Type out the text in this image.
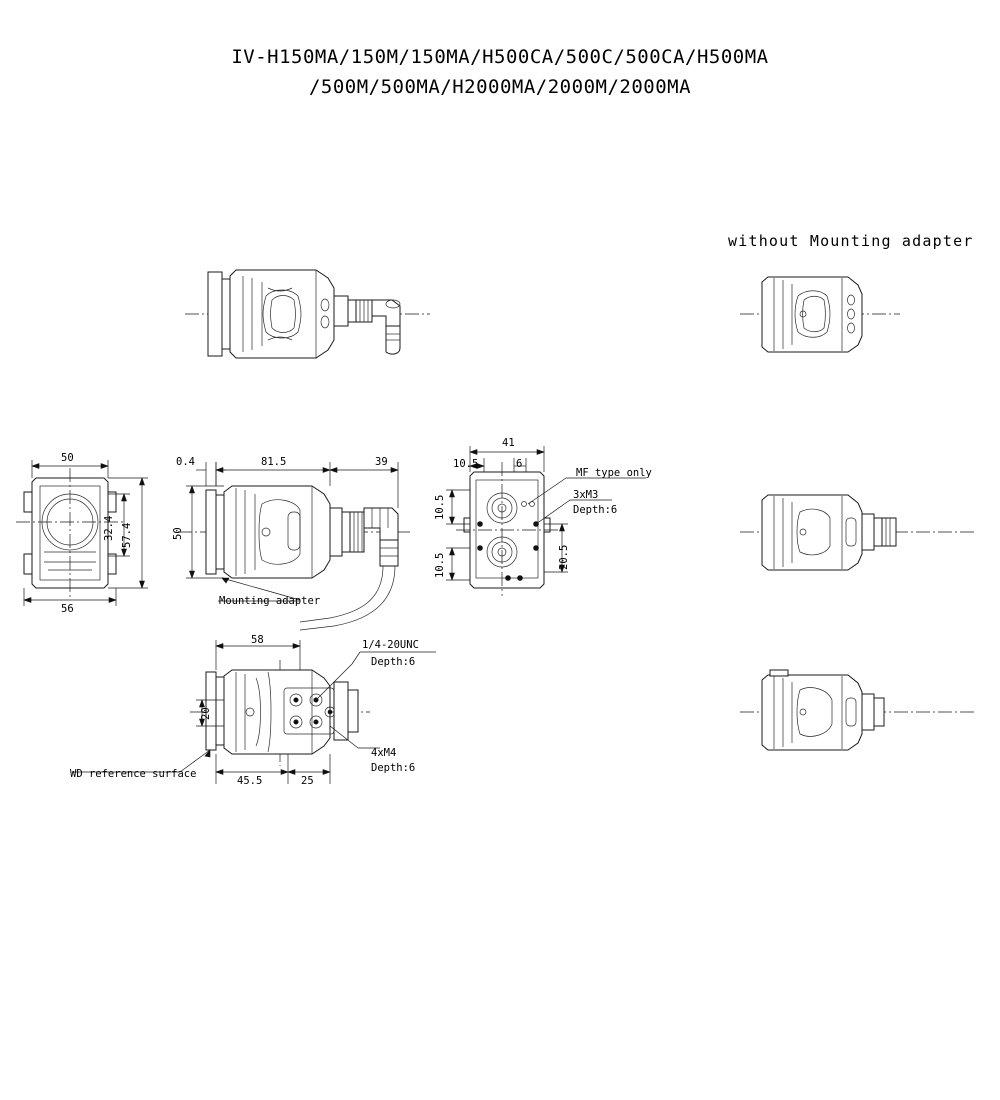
IV-H150MA/150M/150MA/H500CA/500C/500CA/H500MA
/500M/500MA/H2000MA/2000M/2000MA
without Mounting adapter
50
56
57.4
32.4
0.4	81.5	39
50
Mounting adapter
41
10.5	6
10.5
10.5	20.5
MF type only
3xM3
Depth:6
58
20
45.5	25
1/4-20UNC
Depth:6
4xM4
Depth:6
WD reference surface
